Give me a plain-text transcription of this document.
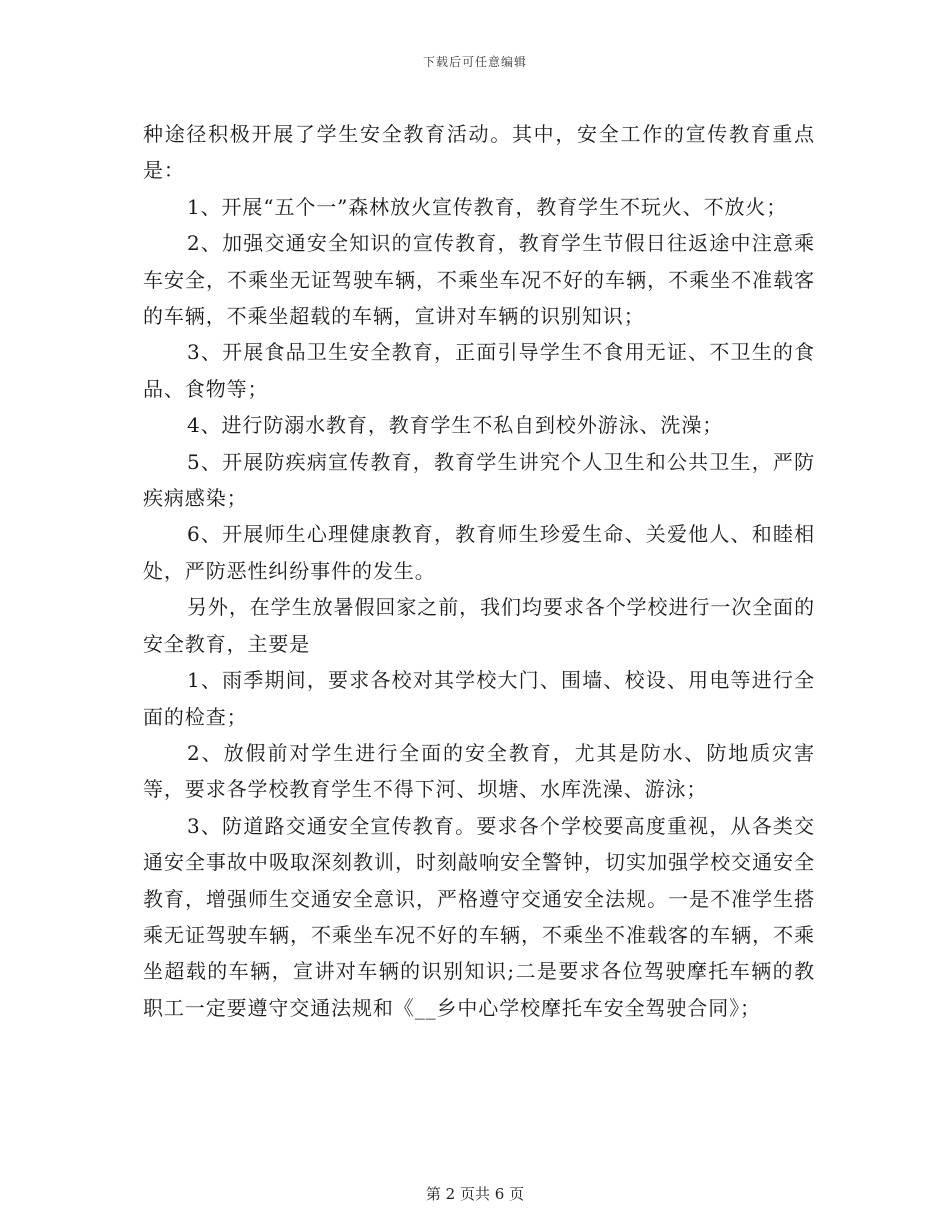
下载后可任意编辑

种途径积极开展了学生安全教育活动。其中，安全工作的宣传教育重点是：

1、开展“五个一”森林放火宣传教育，教育学生不玩火、不放火；

2、加强交通安全知识的宣传教育，教育学生节假日往返途中注意乘车安全，不乘坐无证驾驶车辆，不乘坐车况不好的车辆，不乘坐不准载客的车辆，不乘坐超载的车辆，宣讲对车辆的识别知识；

3、开展食品卫生安全教育，正面引导学生不食用无证、不卫生的食品、食物等；

4、进行防溺水教育，教育学生不私自到校外游泳、洗澡；

5、开展防疾病宣传教育，教育学生讲究个人卫生和公共卫生，严防疾病感染；

6、开展师生心理健康教育，教育师生珍爱生命、关爱他人、和睦相处，严防恶性纠纷事件的发生。

另外，在学生放暑假回家之前，我们均要求各个学校进行一次全面的安全教育，主要是

1、雨季期间，要求各校对其学校大门、围墙、校设、用电等进行全面的检查；

2、放假前对学生进行全面的安全教育，尤其是防水、防地质灾害等，要求各学校教育学生不得下河、坝塘、水库洗澡、游泳；

3、防道路交通安全宣传教育。要求各个学校要高度重视，从各类交通安全事故中吸取深刻教训，时刻敲响安全警钟，切实加强学校交通安全教育，增强师生交通安全意识，严格遵守交通安全法规。一是不准学生搭乘无证驾驶车辆，不乘坐车况不好的车辆，不乘坐不准载客的车辆，不乘坐超载的车辆，宣讲对车辆的识别知识;二是要求各位驾驶摩托车辆的教职工一定要遵守交通法规和《__乡中心学校摩托车安全驾驶合同》；

第 2 页共 6 页
